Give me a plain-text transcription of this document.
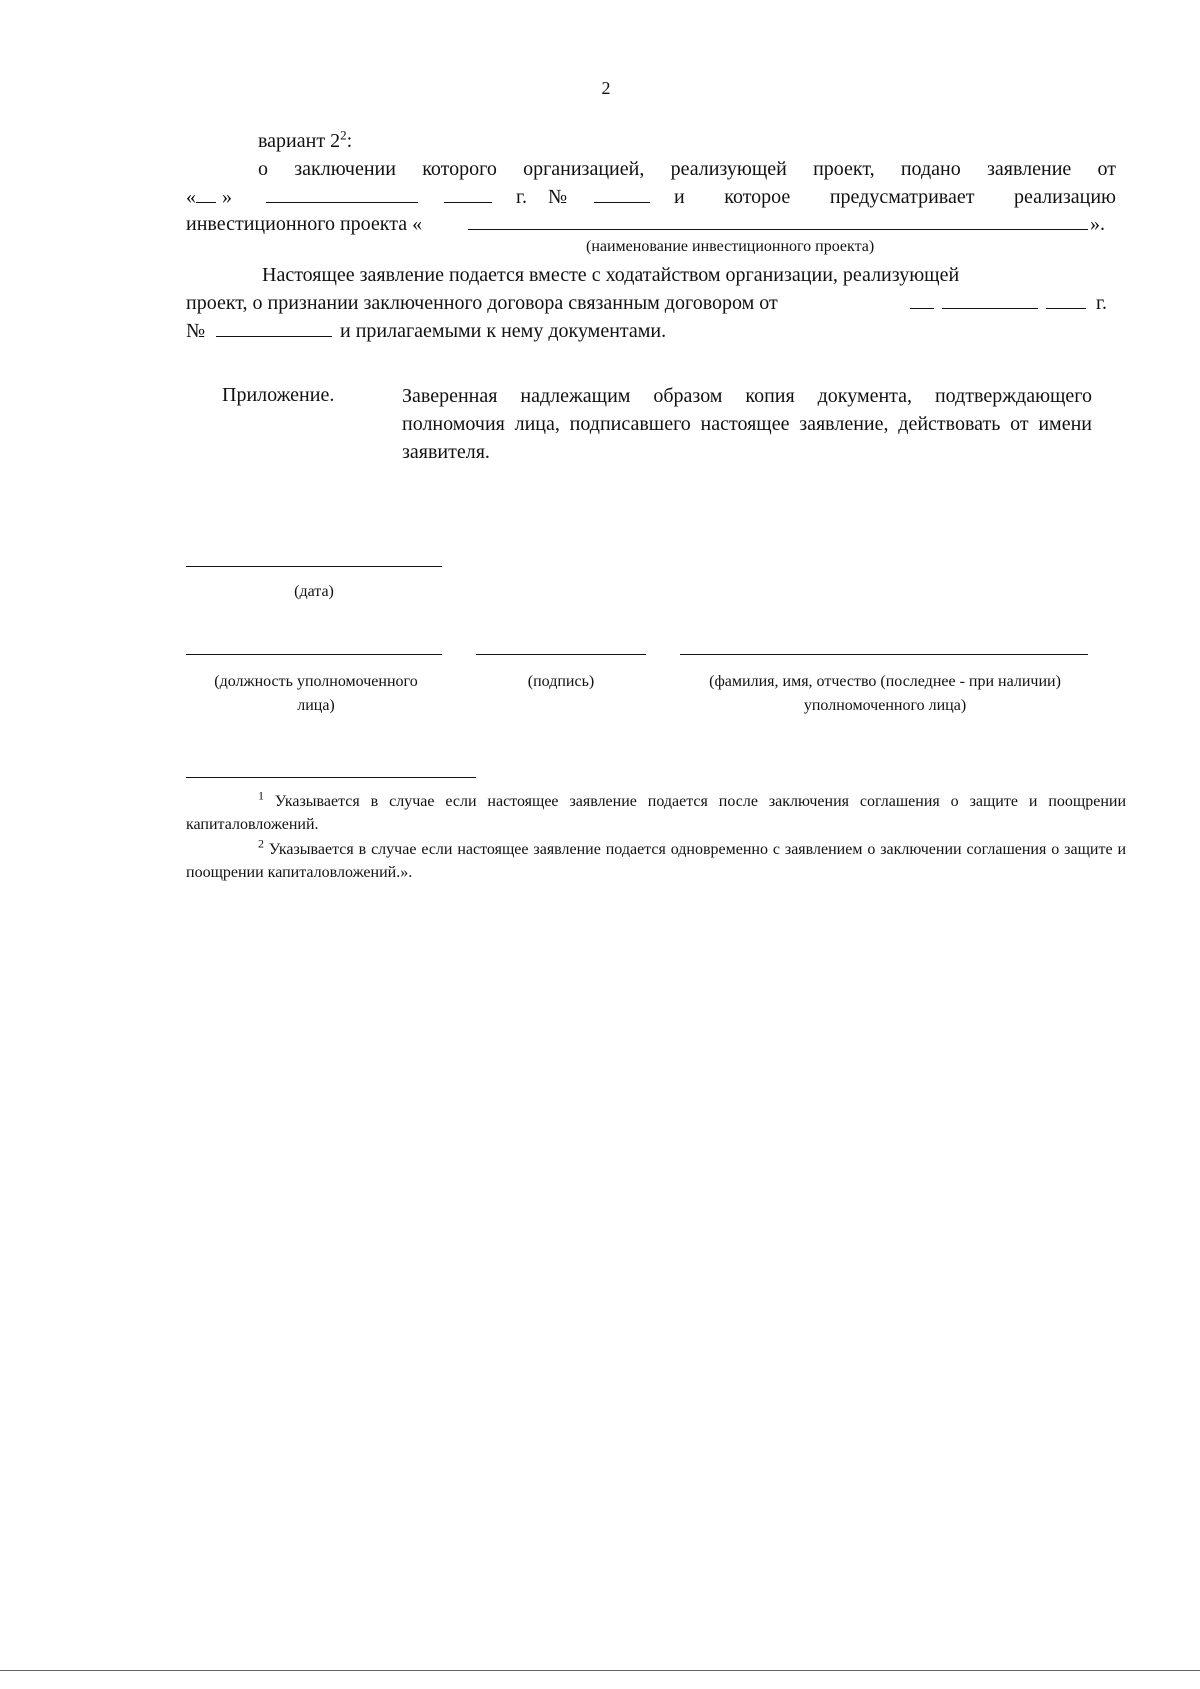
2
вариант $2^2$:
о заключении которого организацией, реализующей проект, подано заявление от
« »	г. №	и которое предусматривает реализацию
инвестиционного проекта «	».
(наименование инвестиционного проекта)
Настоящее заявление подается вместе с ходатайством организации, реализующей
проект, о признании заключенного договора связанным договором от	г.
№	и прилагаемыми к нему документами.
Приложение.	Заверенная надлежащим образом копия документа, подтверждающего полномочия лица, подписавшего настоящее заявление, действовать от имени заявителя.
(дата)
(должность уполномоченного лица)
(подпись)	(фамилия, имя, отчество (последнее - при наличии) уполномоченного лица)
$^1$ Указывается в случае если настоящее заявление подается после заключения соглашения о защите и поощрении капиталовложений.
$^2$ Указывается в случае если настоящее заявление подается одновременно с заявлением о заключении соглашения о защите и поощрении капиталовложений.».
